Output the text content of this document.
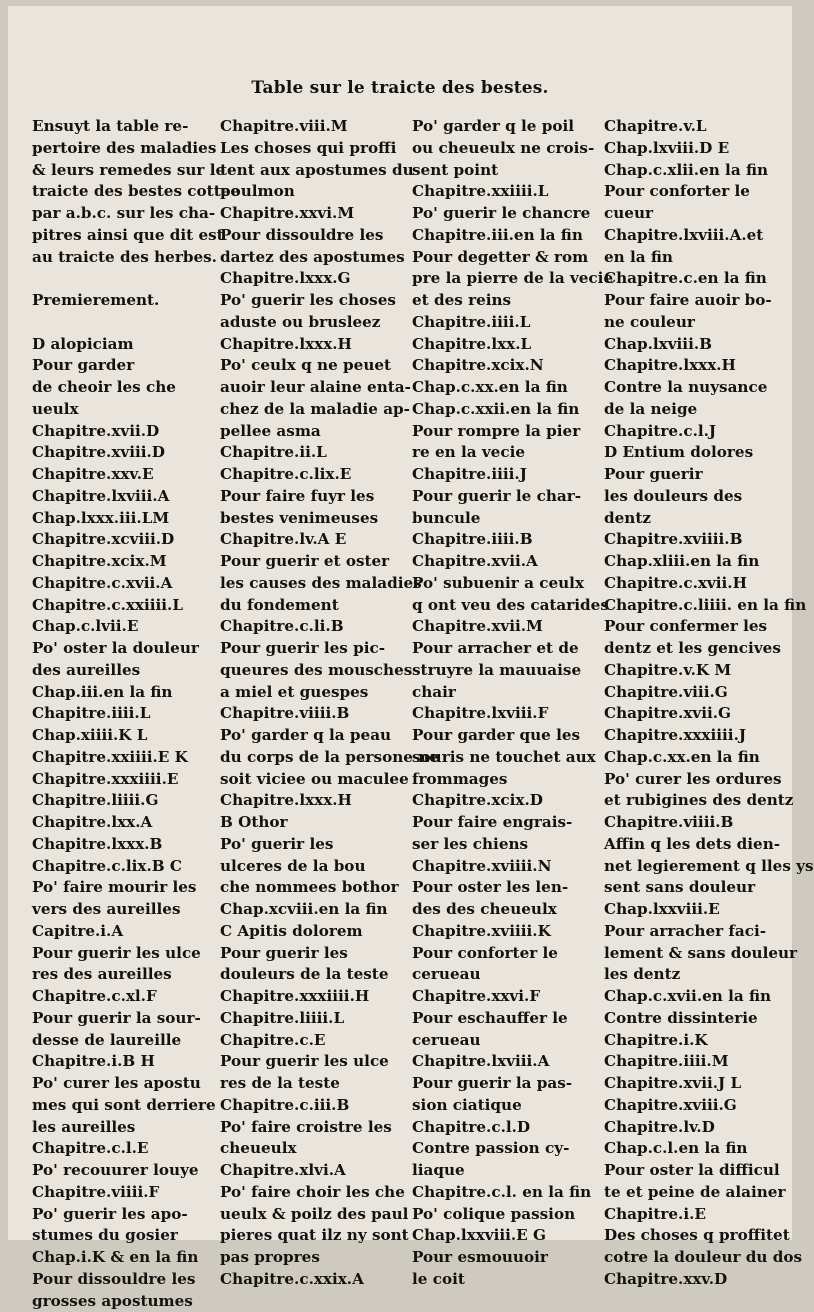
Table sur le traicte des bestes.
Ensuyt la table re-
pertoire des maladies
& leurs remedes sur le
traicte des bestes cottee
par a.b.c. sur les cha-
pitres ainsi que dit est
au traicte des herbes.
Premierement.
D alopiciam
Pour garder
de cheoir les che
ueulx
Chapitre.xvii.D
Chapitre.xviii.D
Chapitre.xxv.E
Chapitre.lxviii.A
Chap.lxxx.iii.LM
Chapitre.xcviii.D
Chapitre.xcix.M
Chapitre.c.xvii.A
Chapitre.c.xxiiii.L
Chap.c.lvii.E
Po' oster la douleur
des aureilles
Chap.iii.en la fin
Chapitre.iiii.L
Chap.xiiii.K L
Chapitre.xxiiii.E K
Chapitre.xxxiiii.E
Chapitre.liiii.G
Chapitre.lxx.A
Chapitre.lxxx.B
Chapitre.c.lix.B C
Po' faire mourir les
vers des aureilles
Capitre.i.A
Pour guerir les ulce
res des aureilles
Chapitre.c.xl.F
Pour guerir la sour-
desse de laureille
Chapitre.i.B H
Po' curer les apostu
mes qui sont derriere
les aureilles
Chapitre.c.l.E
Po' recouurer louye
Chapitre.viiii.F
Po' guerir les apo-
stumes du gosier
Chap.i.K & en la fin
Pour dissouldre les
grosses apostumes
Chapitre.viii.M
Les choses qui proffi
tent aux apostumes du
poulmon
Chapitre.xxvi.M
Pour dissouldre les
dartez des apostumes
Chapitre.lxxx.G
Po' guerir les choses
aduste ou brusleez
Chapitre.lxxx.H
Po' ceulx q ne peuet
auoir leur alaine enta-
chez de la maladie ap-
pellee asma
Chapitre.ii.L
Chapitre.c.lix.E
Pour faire fuyr les
bestes venimeuses
Chapitre.lv.A E
Pour guerir et oster
les causes des maladies
du fondement
Chapitre.c.li.B
Pour guerir les pic-
queures des mousches
a miel et guespes
Chapitre.viiii.B
Po' garder q la peau
du corps de la persone ne
soit viciee ou maculee
Chapitre.lxxx.H
B Othor
Po' guerir les
ulceres de la bou
che nommees bothor
Chap.xcviii.en la fin
C Apitis dolorem
Pour guerir les
douleurs de la teste
Chapitre.xxxiiii.H
Chapitre.liiii.L
Chapitre.c.E
Pour guerir les ulce
res de la teste
Chapitre.c.iii.B
Po' faire croistre les
cheueulx
Chapitre.xlvi.A
Po' faire choir les che
ueulx & poilz des paul
pieres quat ilz ny sont
pas propres
Chapitre.c.xxix.A
Po' garder q le poil
ou cheueulx ne crois-
sent point
Chapitre.xxiiii.L
Po' guerir le chancre
Chapitre.iii.en la fin
Pour degetter & rom
pre la pierre de la vecie
et des reins
Chapitre.iiii.L
Chapitre.lxx.L
Chapitre.xcix.N
Chap.c.xx.en la fin
Chap.c.xxii.en la fin
Pour rompre la pier
re en la vecie
Chapitre.iiii.J
Pour guerir le char-
buncule
Chapitre.iiii.B
Chapitre.xvii.A
Po' subuenir a ceulx
q ont veu des catarides
Chapitre.xvii.M
Pour arracher et de
struyre la mauuaise
chair
Chapitre.lxviii.F
Pour garder que les
souris ne touchet aux
frommages
Chapitre.xcix.D
Pour faire engrais-
ser les chiens
Chapitre.xviiii.N
Pour oster les len-
des des cheueulx
Chapitre.xviiii.K
Pour conforter le
cerueau
Chapitre.xxvi.F
Pour eschauffer le
cerueau
Chapitre.lxviii.A
Pour guerir la pas-
sion ciatique
Chapitre.c.l.D
Contre passion cy-
liaque
Chapitre.c.l. en la fin
Po' colique passion
Chap.lxxviii.E G
Pour esmouuoir
le coit
Chapitre.v.L
Chap.lxviii.D E
Chap.c.xlii.en la fin
Pour conforter le
cueur
Chapitre.lxviii.A.et
en la fin
Chapitre.c.en la fin
Pour faire auoir bo-
ne couleur
Chap.lxviii.B
Chapitre.lxxx.H
Contre la nuysance
de la neige
Chapitre.c.l.J
D Entium dolores
Pour guerir
les douleurs des
dentz
Chapitre.xviiii.B
Chap.xliii.en la fin
Chapitre.c.xvii.H
Chapitre.c.liiii. en la fin
Pour confermer les
dentz et les gencives
Chapitre.v.K M
Chapitre.viii.G
Chapitre.xvii.G
Chapitre.xxxiiii.J
Chap.c.xx.en la fin
Po' curer les ordures
et rubigines des dentz
Chapitre.viiii.B
Affin q les dets dien-
net legierement q lles ys
sent sans douleur
Chap.lxxviii.E
Pour arracher faci-
lement & sans douleur
les dentz
Chap.c.xvii.en la fin
Contre dissinterie
Chapitre.i.K
Chapitre.iiii.M
Chapitre.xvii.J L
Chapitre.xviii.G
Chapitre.lv.D
Chap.c.l.en la fin
Pour oster la difficul
te et peine de alainer
Chapitre.i.E
Des choses q proffitet
cotre la douleur du dos
Chapitre.xxv.D
